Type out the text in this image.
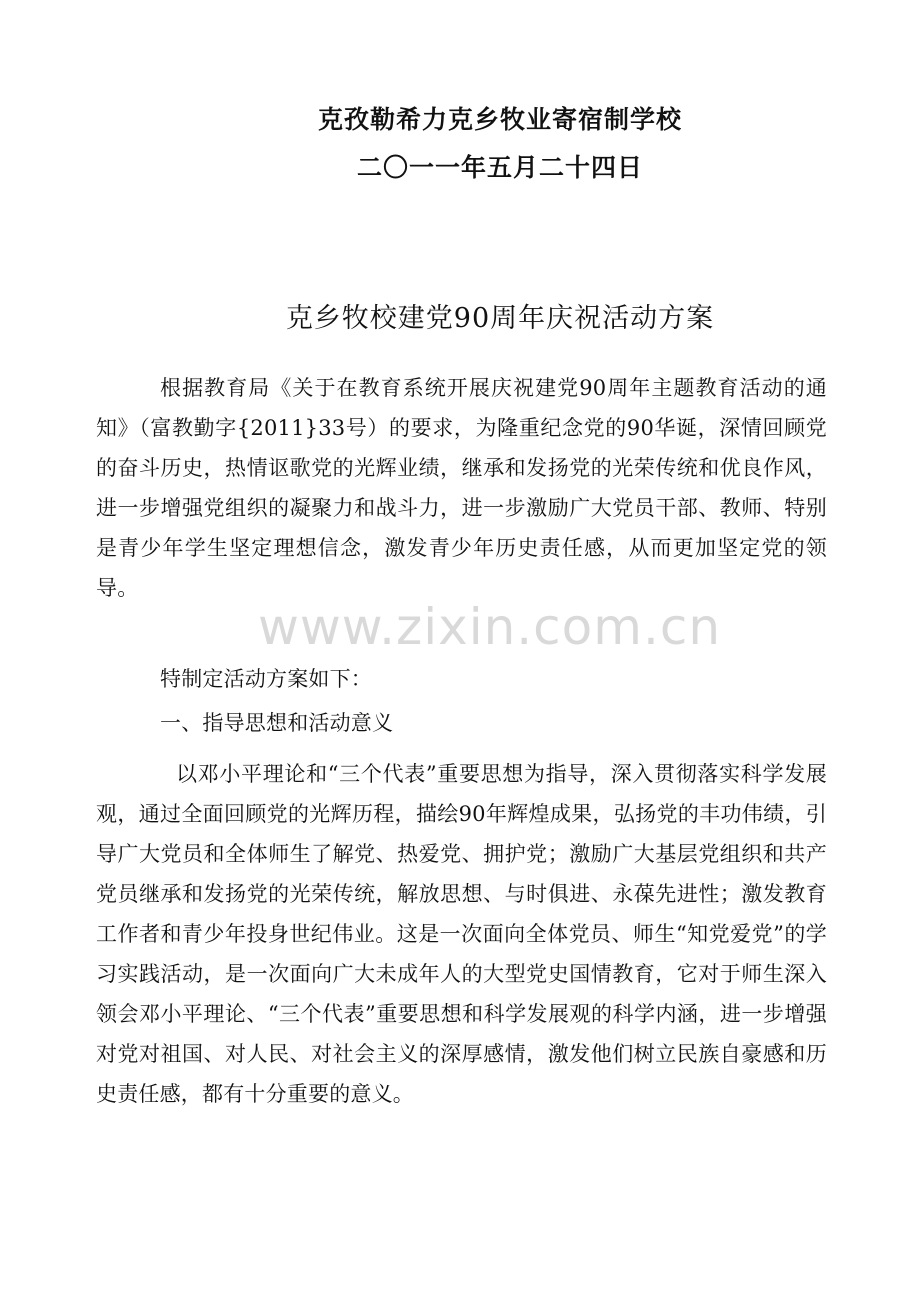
克孜勒希力克乡牧业寄宿制学校
二〇一一年五月二十四日
克乡牧校建党90周年庆祝活动方案

根据教育局《关于在教育系统开展庆祝建党90周年主题教育活动的通知》（富教勤字{2011}33号）的要求，为隆重纪念党的90华诞，深情回顾党的奋斗历史，热情讴歌党的光辉业绩，继承和发扬党的光荣传统和优良作风，进一步增强党组织的凝聚力和战斗力，进一步激励广大党员干部、教师、特别是青少年学生坚定理想信念，激发青少年历史责任感，从而更加坚定党的领导。

特制定活动方案如下：

一、指导思想和活动意义

以邓小平理论和“三个代表”重要思想为指导，深入贯彻落实科学发展观，通过全面回顾党的光辉历程，描绘90年辉煌成果，弘扬党的丰功伟绩，引导广大党员和全体师生了解党、热爱党、拥护党；激励广大基层党组织和共产党员继承和发扬党的光荣传统，解放思想、与时俱进、永葆先进性；激发教育工作者和青少年投身世纪伟业。这是一次面向全体党员、师生“知党爱党”的学习实践活动，是一次面向广大未成年人的大型党史国情教育，它对于师生深入领会邓小平理论、“三个代表”重要思想和科学发展观的科学内涵，进一步增强对党对祖国、对人民、对社会主义的深厚感情，激发他们树立民族自豪感和历史责任感，都有十分重要的意义。

www.zixin.com.cn
